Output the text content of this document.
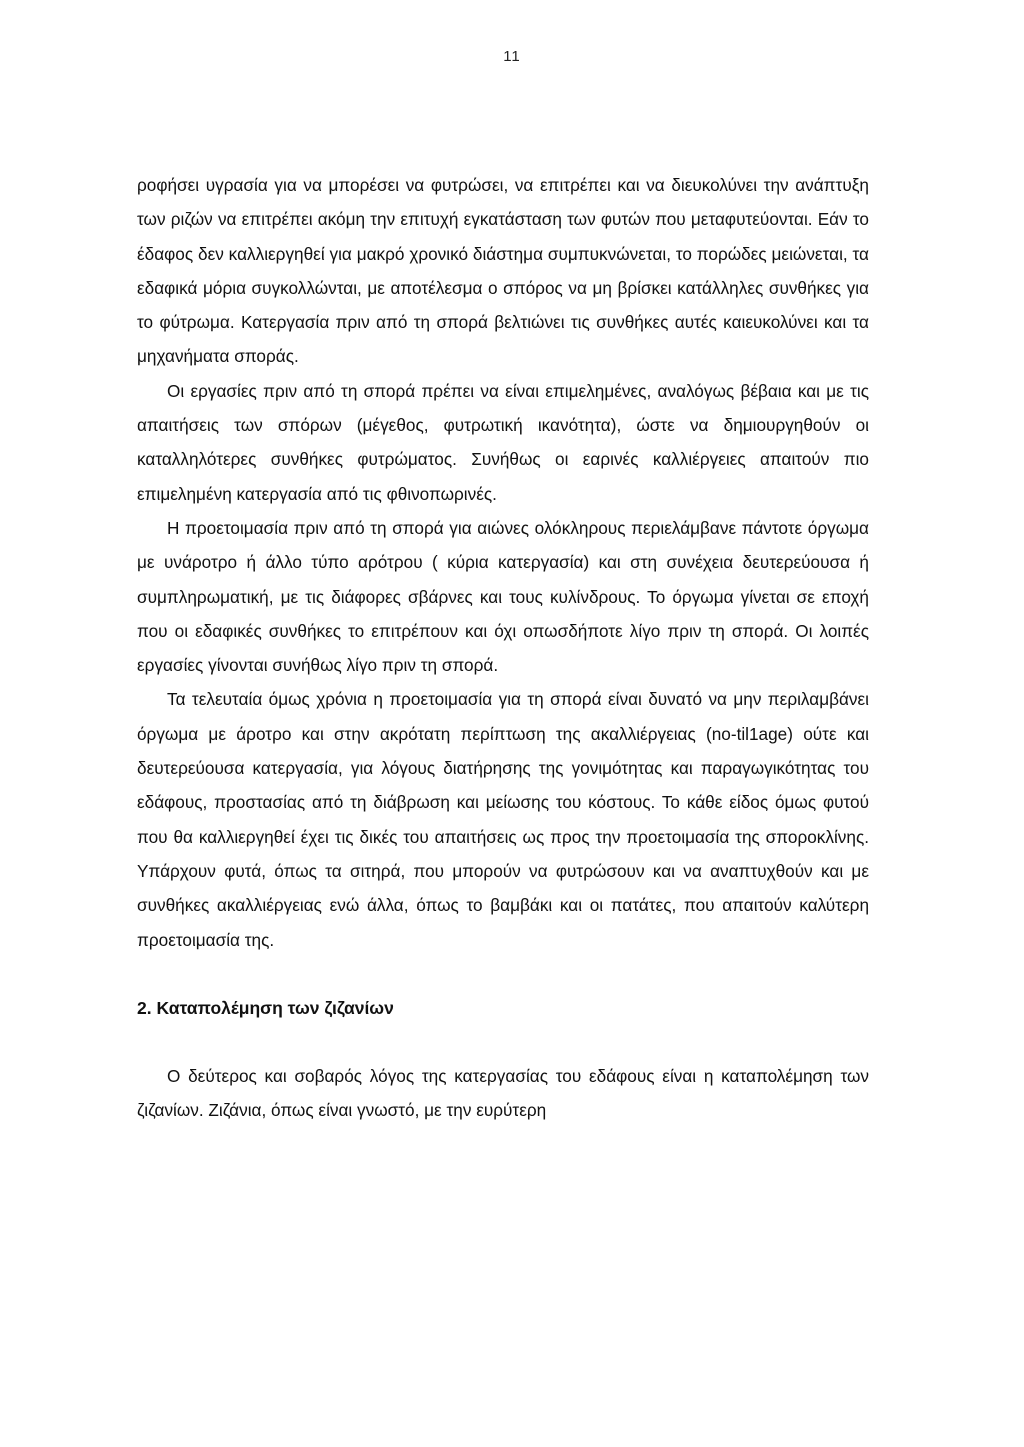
11

ροφήσει υγρασία για να μπορέσει να φυτρώσει, να επιτρέπει και να διευκολύνει την ανάπτυξη των ριζών να επιτρέπει ακόμη την επιτυχή εγκατάσταση των φυτών που μεταφυτεύονται. Εάν το έδαφος δεν καλλιεργηθεί για μακρό χρονικό διάστημα συμπυκνώνεται, το πορώδες μειώνεται, τα εδαφικά μόρια συγκολλώνται, με αποτέλεσμα ο σπόρος να μη βρίσκει κατάλληλες συνθήκες για το φύτρωμα. Κατεργασία πριν από τη σπορά βελτιώνει τις συνθήκες αυτές καιευκολύνει και τα μηχανήματα σποράς.

Οι εργασίες πριν από τη σπορά πρέπει να είναι επιμελημένες, αναλόγως βέβαια και με τις απαιτήσεις των σπόρων (μέγεθος, φυτρωτική ικανότητα), ώστε να δημιουργηθούν οι καταλληλότερες συνθήκες φυτρώματος. Συνήθως οι εαρινές καλλιέργειες απαιτούν πιο επιμελημένη κατεργασία από τις φθινοπωρινές.

Η προετοιμασία πριν από τη σπορά για αιώνες ολόκληρους περιελάμβανε πάντοτε όργωμα με υνάροτρο ή άλλο τύπο αρότρου ( κύρια κατεργασία) και στη συνέχεια δευτερεύουσα ή συμπληρωματική, με τις διάφορες σβάρνες και τους κυλίνδρους. Το όργωμα γίνεται σε εποχή που οι εδαφικές συνθήκες το επιτρέπουν και όχι οπωσδήποτε λίγο πριν τη σπορά. Οι λοιπές εργασίες γίνονται συνήθως λίγο πριν τη σπορά.

Τα τελευταία όμως χρόνια η προετοιμασία για τη σπορά είναι δυνατό να μην περιλαμβάνει όργωμα με άροτρο και στην ακρότατη περίπτωση της ακαλλιέργειας (no-til1age) ούτε και δευτερεύουσα κατεργασία, για λόγους διατήρησης της γονιμότητας και παραγωγικότητας του εδάφους, προστασίας από τη διάβρωση και μείωσης του κόστους. Το κάθε είδος όμως φυτού που θα καλλιεργηθεί έχει τις δικές του απαιτήσεις ως προς την προετοιμασία της σποροκλίνης. Υπάρχουν φυτά, όπως τα σιτηρά, που μπορούν να φυτρώσουν και να αναπτυχθούν και με συνθήκες ακαλλιέργειας ενώ άλλα, όπως το βαμβάκι και οι πατάτες, που απαιτούν καλύτερη προετοιμασία της.

2. Καταπολέμηση των ζιζανίων

Ο δεύτερος και σοβαρός λόγος της κατεργασίας του εδάφους είναι η καταπολέμηση των ζιζανίων. Ζιζάνια, όπως είναι γνωστό, με την ευρύτερη
